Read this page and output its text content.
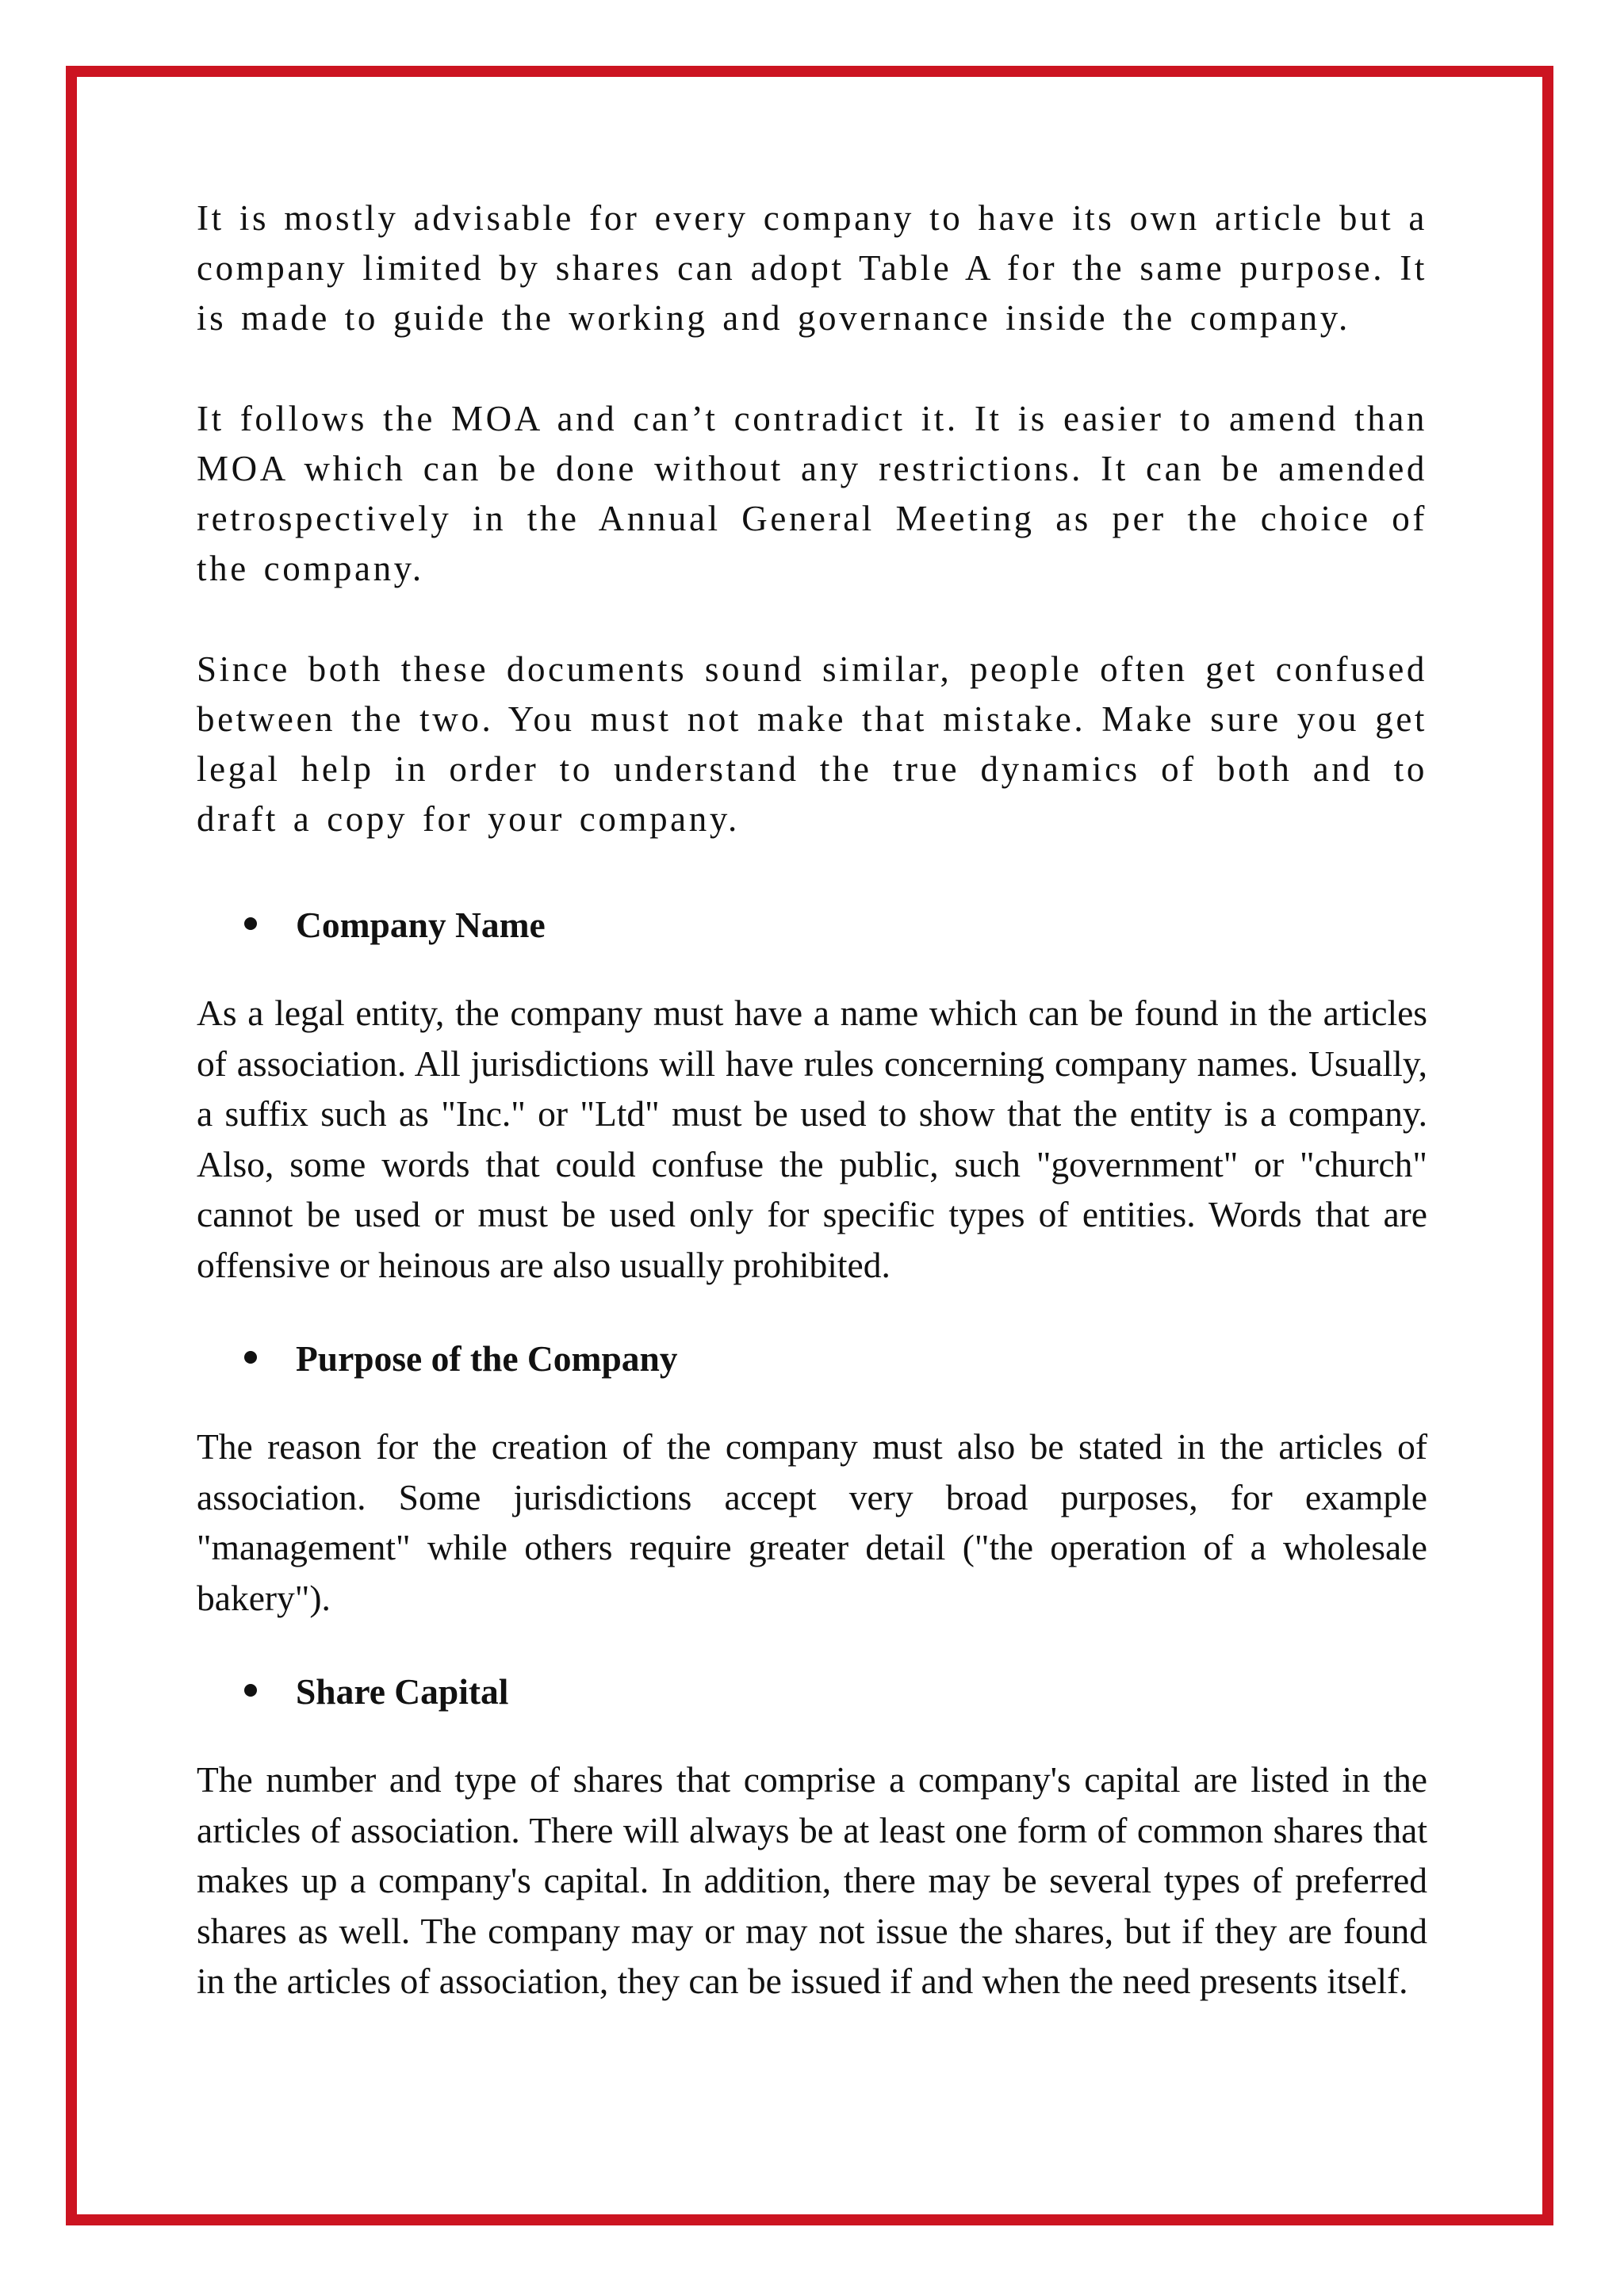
It is mostly advisable for every company to have its own article but a company limited by shares can adopt Table A for the same purpose. It is made to guide the working and governance inside the company.

It follows the MOA and can’t contradict it. It is easier to amend than MOA which can be done without any restrictions. It can be amended retrospectively in the Annual General Meeting as per the choice of the company.

Since both these documents sound similar, people often get confused between the two. You must not make that mistake. Make sure you get legal help in order to understand the true dynamics of both and to draft a copy for your company.

Company Name

As a legal entity, the company must have a name which can be found in the articles of association. All jurisdictions will have rules concerning company names. Usually, a suffix such as "Inc." or "Ltd" must be used to show that the entity is a company. Also, some words that could confuse the public, such "government" or "church" cannot be used or must be used only for specific types of entities. Words that are offensive or heinous are also usually prohibited.

Purpose of the Company

The reason for the creation of the company must also be stated in the articles of association. Some jurisdictions accept very broad purposes, for example "management" while others require greater detail ("the operation of a wholesale bakery").

Share Capital

The number and type of shares that comprise a company's capital are listed in the articles of association. There will always be at least one form of common shares that makes up a company's capital. In addition, there may be several types of preferred shares as well. The company may or may not issue the shares, but if they are found in the articles of association, they can be issued if and when the need presents itself.
